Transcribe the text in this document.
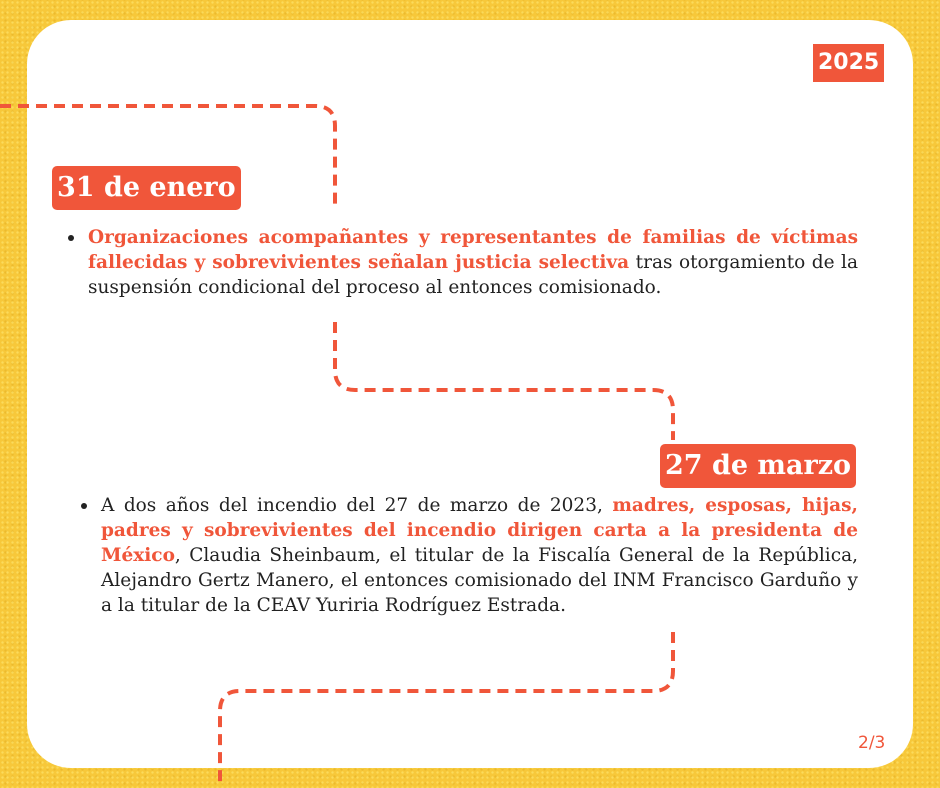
2025
31 de enero
Organizaciones acompañantes y representantes de familias de víctimas fallecidas y sobrevivientes señalan justicia selectiva tras otorgamiento de la suspensión condicional del proceso al entonces comisionado.
27 de marzo
A dos años del incendio del 27 de marzo de 2023, madres, esposas, hijas, padres y sobrevivientes del incendio dirigen carta a la presidenta de México, Claudia Sheinbaum, el titular de la Fiscalía General de la República, Alejandro Gertz Manero, el entonces comisionado del INM Francisco Garduño y a la titular de la CEAV Yuriria Rodríguez Estrada.
2/3
